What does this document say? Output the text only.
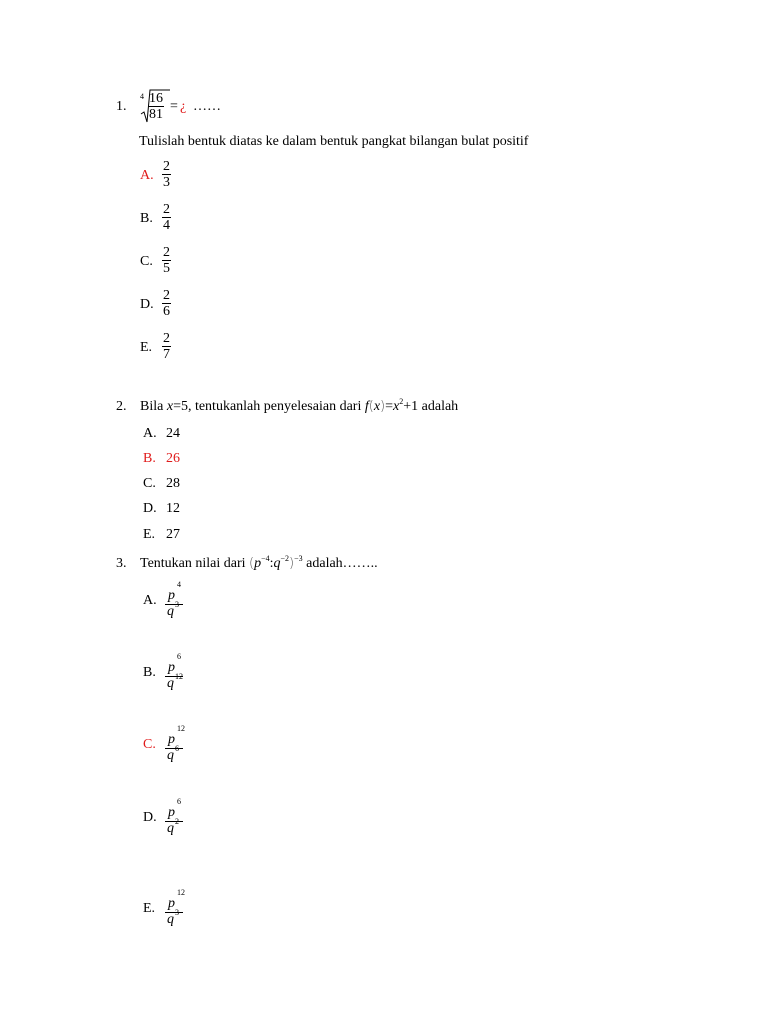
1.
$4 \frac{16}{81}$ = ¿ ……
Tulislah bentuk diatas ke dalam bentuk pangkat bilangan bulat positif
A. $\frac{2}{3}$
B. $\frac{2}{4}$
C. $\frac{2}{5}$
D. $\frac{2}{6}$
E. $\frac{2}{7}$
2. Bila x=5, tentukanlah penyelesaian dari $f(x)=x^2+1$ adalah
A. 24
B. 26
C. 28
D. 12
E. 27
3. Tentukan nilai dari $(p^{-4}:q^{-2})^{-3}$ adalah……..
A. p
4
q 3
B. p
6
q 12
C. p
12
q 6
D. p
6
q 2
E. p
12
q 3
